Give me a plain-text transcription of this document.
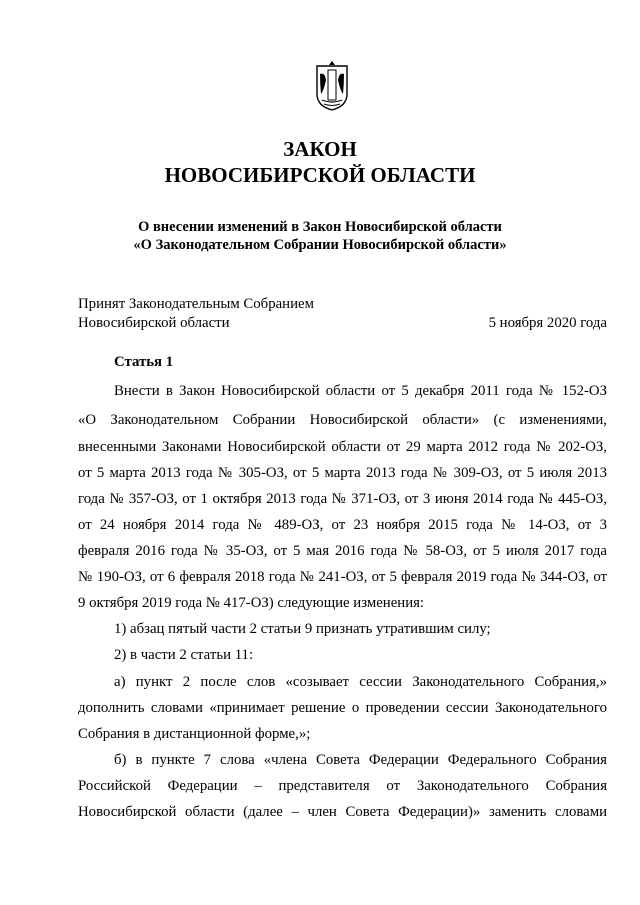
ЗАКОН
НОВОСИБИРСКОЙ ОБЛАСТИ
О внесении изменений в Закон Новосибирской области
«О Законодательном Собрании Новосибирской области»
Принят Законодательным Собранием
Новосибирской области	5 ноября 2020 года
Статья 1
Внести в Закон Новосибирской области от 5 декабря 2011 года № 152-ОЗ
«О Законодательном Собрании Новосибирской области» (с изменениями,
внесенными Законами Новосибирской области от 29 марта 2012 года № 202-ОЗ,
от 5 марта 2013 года № 305-ОЗ, от 5 марта 2013 года № 309-ОЗ, от 5 июля 2013
года № 357-ОЗ, от 1 октября 2013 года № 371-ОЗ, от 3 июня 2014 года № 445-ОЗ,
от 24 ноября 2014 года № 489-ОЗ, от 23 ноября 2015 года № 14-ОЗ, от 3
февраля 2016 года № 35-ОЗ, от 5 мая 2016 года № 58-ОЗ, от 5 июля 2017 года
№ 190-ОЗ, от 6 февраля 2018 года № 241-ОЗ, от 5 февраля 2019 года № 344-ОЗ, от
9 октября 2019 года № 417-ОЗ) следующие изменения:
1) абзац пятый части 2 статьи 9 признать утратившим силу;
2) в части 2 статьи 11:
а) пункт 2 после слов «созывает сессии Законодательного Собрания,»
дополнить словами «принимает решение о проведении сессии Законодательного
Собрания в дистанционной форме,»;
б) в пункте 7 слова «члена Совета Федерации Федерального Собрания
Российской Федерации – представителя от Законодательного Собрания
Новосибирской области (далее – член Совета Федерации)» заменить словами
